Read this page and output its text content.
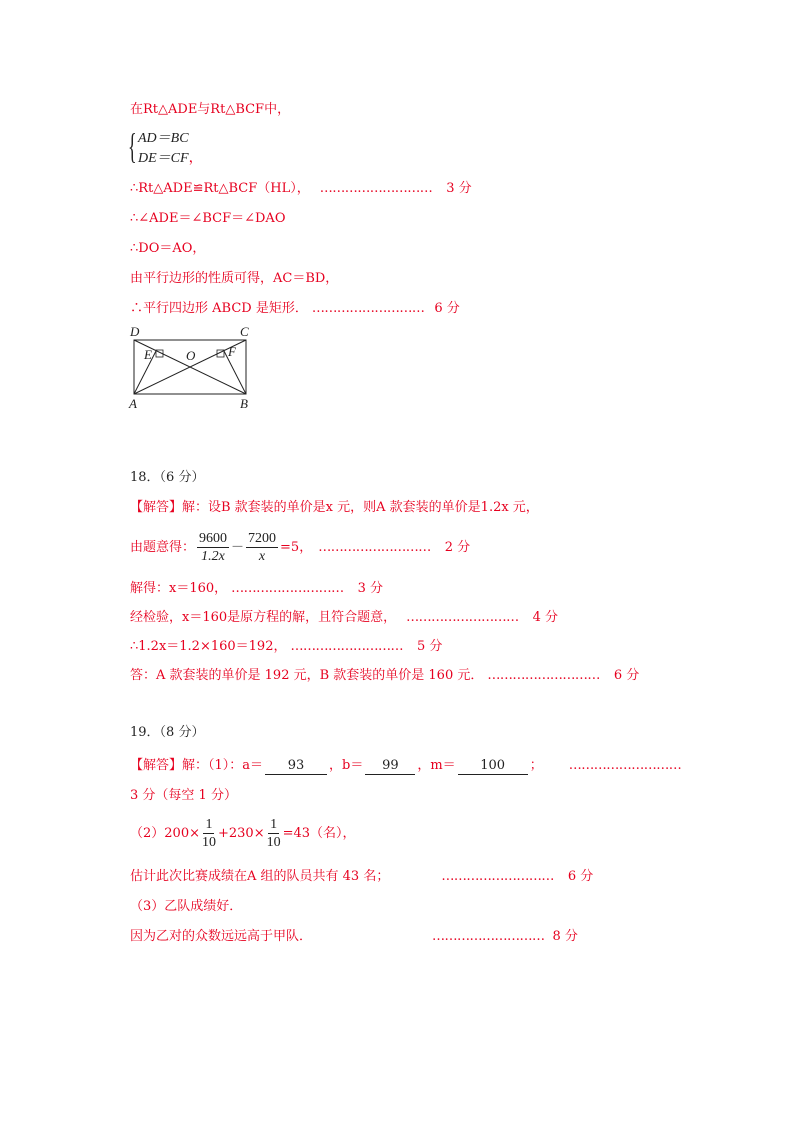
在Rt△ADE与Rt△BCF中，
{ AD＝BC
DE＝CF，
∴Rt△ADE≌Rt△BCF（HL）， ……………………… 3 分
∴∠ADE＝∠BCF＝∠DAO
∴DO＝AO，
由平行边形的性质可得，AC＝BD，
∴平行四边形 ABCD 是矩形． ……………………… 6 分
D	C
E	F
O
A	B
18．（6 分）
【解答】解：设B 款套装的单价是x 元，则A 款套装的单价是1.2x 元，
由题意得： $\frac{9600}{1.2x} - \frac{7200}{x} =5$， ……………………… 2 分
解得：x＝160， ……………………… 3 分
经检验，x＝160是原方程的解，且符合题意， ……………………… 4 分
∴1.2x＝1.2×160＝192， ……………………… 5 分
答：A 款套装的单价是 192 元，B 款套装的单价是 160 元． ……………………… 6 分
19．（8 分）
【解答】解：（1）：a＝ 93 ，b＝ 99 ，m＝ 100 ； ………………………
3 分（每空 1 分）
$(2)200\times \frac{1}{10} +230\times \frac{1}{10} =43$（名），
估计此次比赛成绩在A 组的队员共有 43 名；	……………………… 6 分
（3）乙队成绩好．
因为乙对的众数远远高于甲队．	……………………… 8 分
